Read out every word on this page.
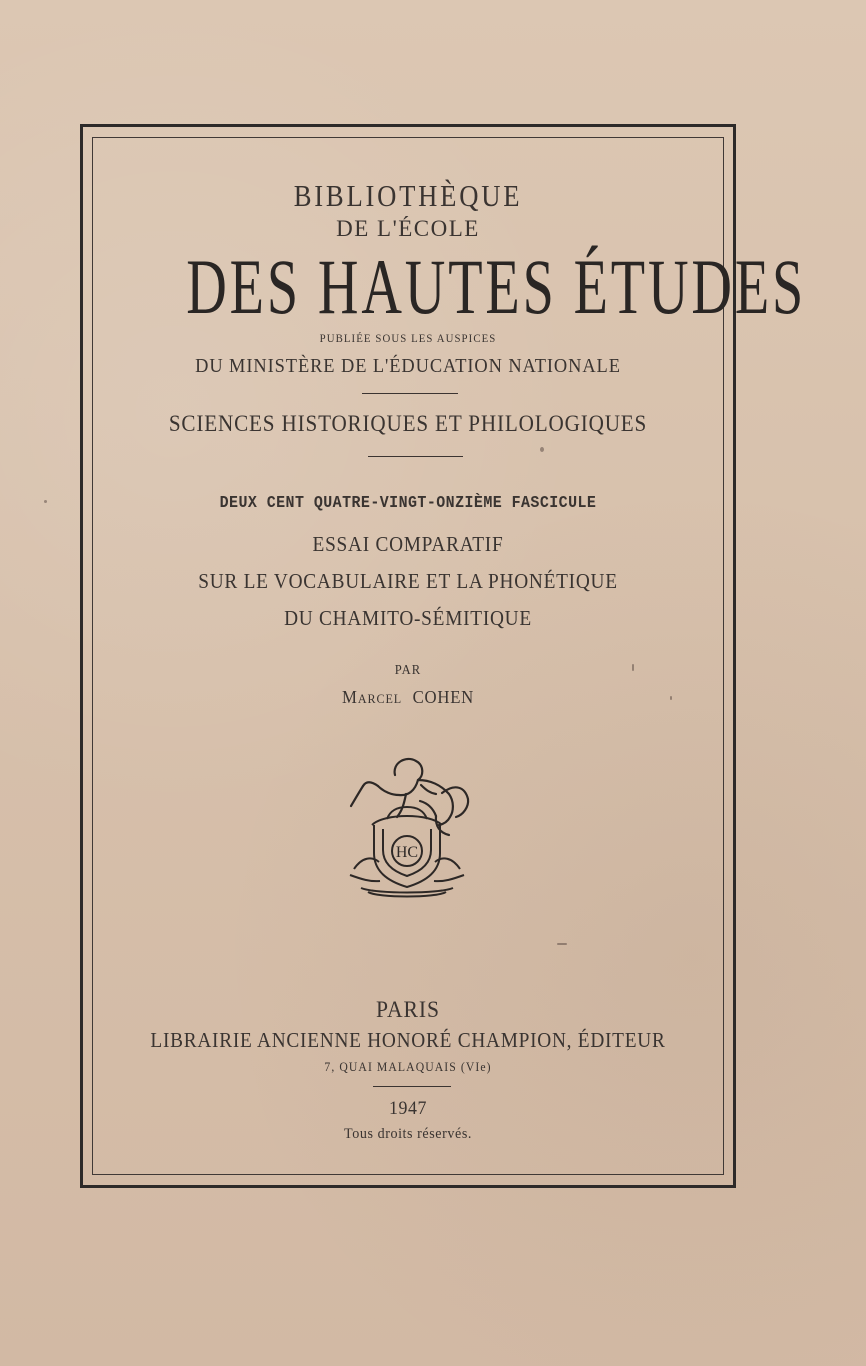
BIBLIOTHÈQUE
DE L'ÉCOLE
DES HAUTES ÉTUDES
PUBLIÉE SOUS LES AUSPICES
DU MINISTÈRE DE L'ÉDUCATION NATIONALE
SCIENCES HISTORIQUES ET PHILOLOGIQUES
DEUX CENT QUATRE-VINGT-ONZIÈME FASCICULE
ESSAI COMPARATIF
SUR LE VOCABULAIRE ET LA PHONÉTIQUE
DU CHAMITO-SÉMITIQUE
PAR
Marcel COHEN
HC
PARIS
LIBRAIRIE ANCIENNE HONORÉ CHAMPION, ÉDITEUR
7, QUAI MALAQUAIS (VIe)
1947
Tous droits réservés.
